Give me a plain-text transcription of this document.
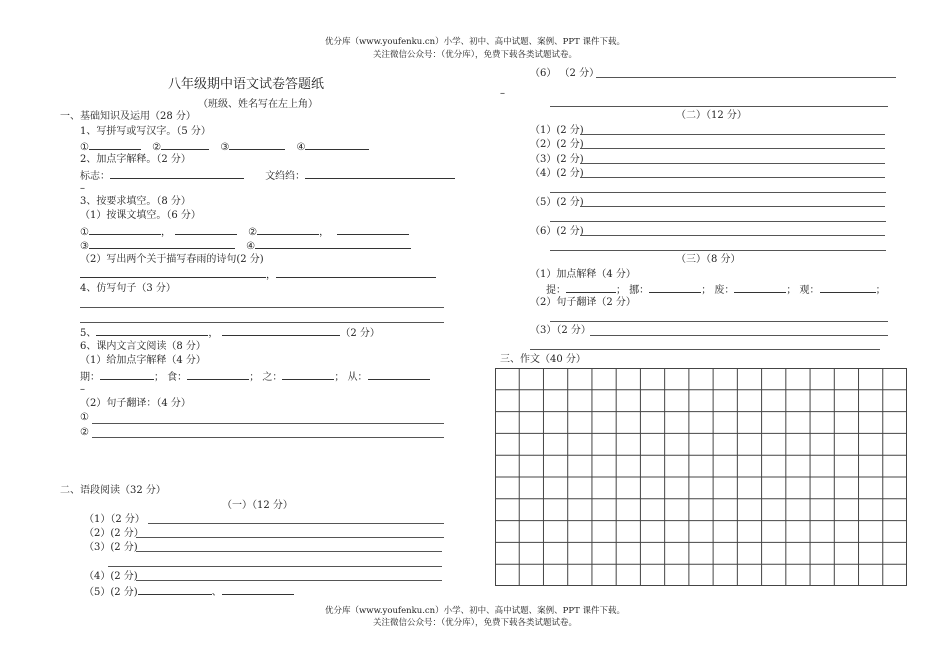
优分库（www.youfenku.cn）小学、初中、高中试题、案例、PPT 课件下载。
关注微信公众号：（优分库），免费下载各类试题试卷。
八年级期中语文试卷答题纸
（班级、姓名写在左上角）
一、基础知识及运用（28 分）
1、写拼写或写汉字。（5 分）
①	②	③	④
2、加点字解释。（2 分）
标志：	文绉绉：
–
3、按要求填空。（8 分）
（1）按课文填空。（6 分）
①	，	②	，
③	④
（2）写出两个关于描写春雨的诗句(2 分)
，
4、仿写句子（3 分）
5、	，	（2 分）
6、课内文言文阅读（8 分）
（1）给加点字解释（4 分）
期：	； 食：	； 之：	； 从：
–
（2）句子翻译：（4 分）
①
②
二、语段阅读（32 分）
（一）（12 分）
（1）（2 分）
（2）(2 分）
（3）(2 分)
（4）(2 分)
（5）(2 分)	、
（6） （2 分）
–
（二）（12 分）
（1）(2 分)
（2）(2 分)
（3）(2 分)
（4）(2 分)
（5）(2 分)
（6）(2 分)
（三）（8 分）
（1）加点解释（4 分）
提：	； 挪：	； 废：	； 观：	；
（2）句子翻译（2 分）
（3）（2 分）
三、作文（40 分）
优分库（www.youfenku.cn）小学、初中、高中试题、案例、PPT 课件下载。
关注微信公众号：（优分库），免费下载各类试题试卷。
